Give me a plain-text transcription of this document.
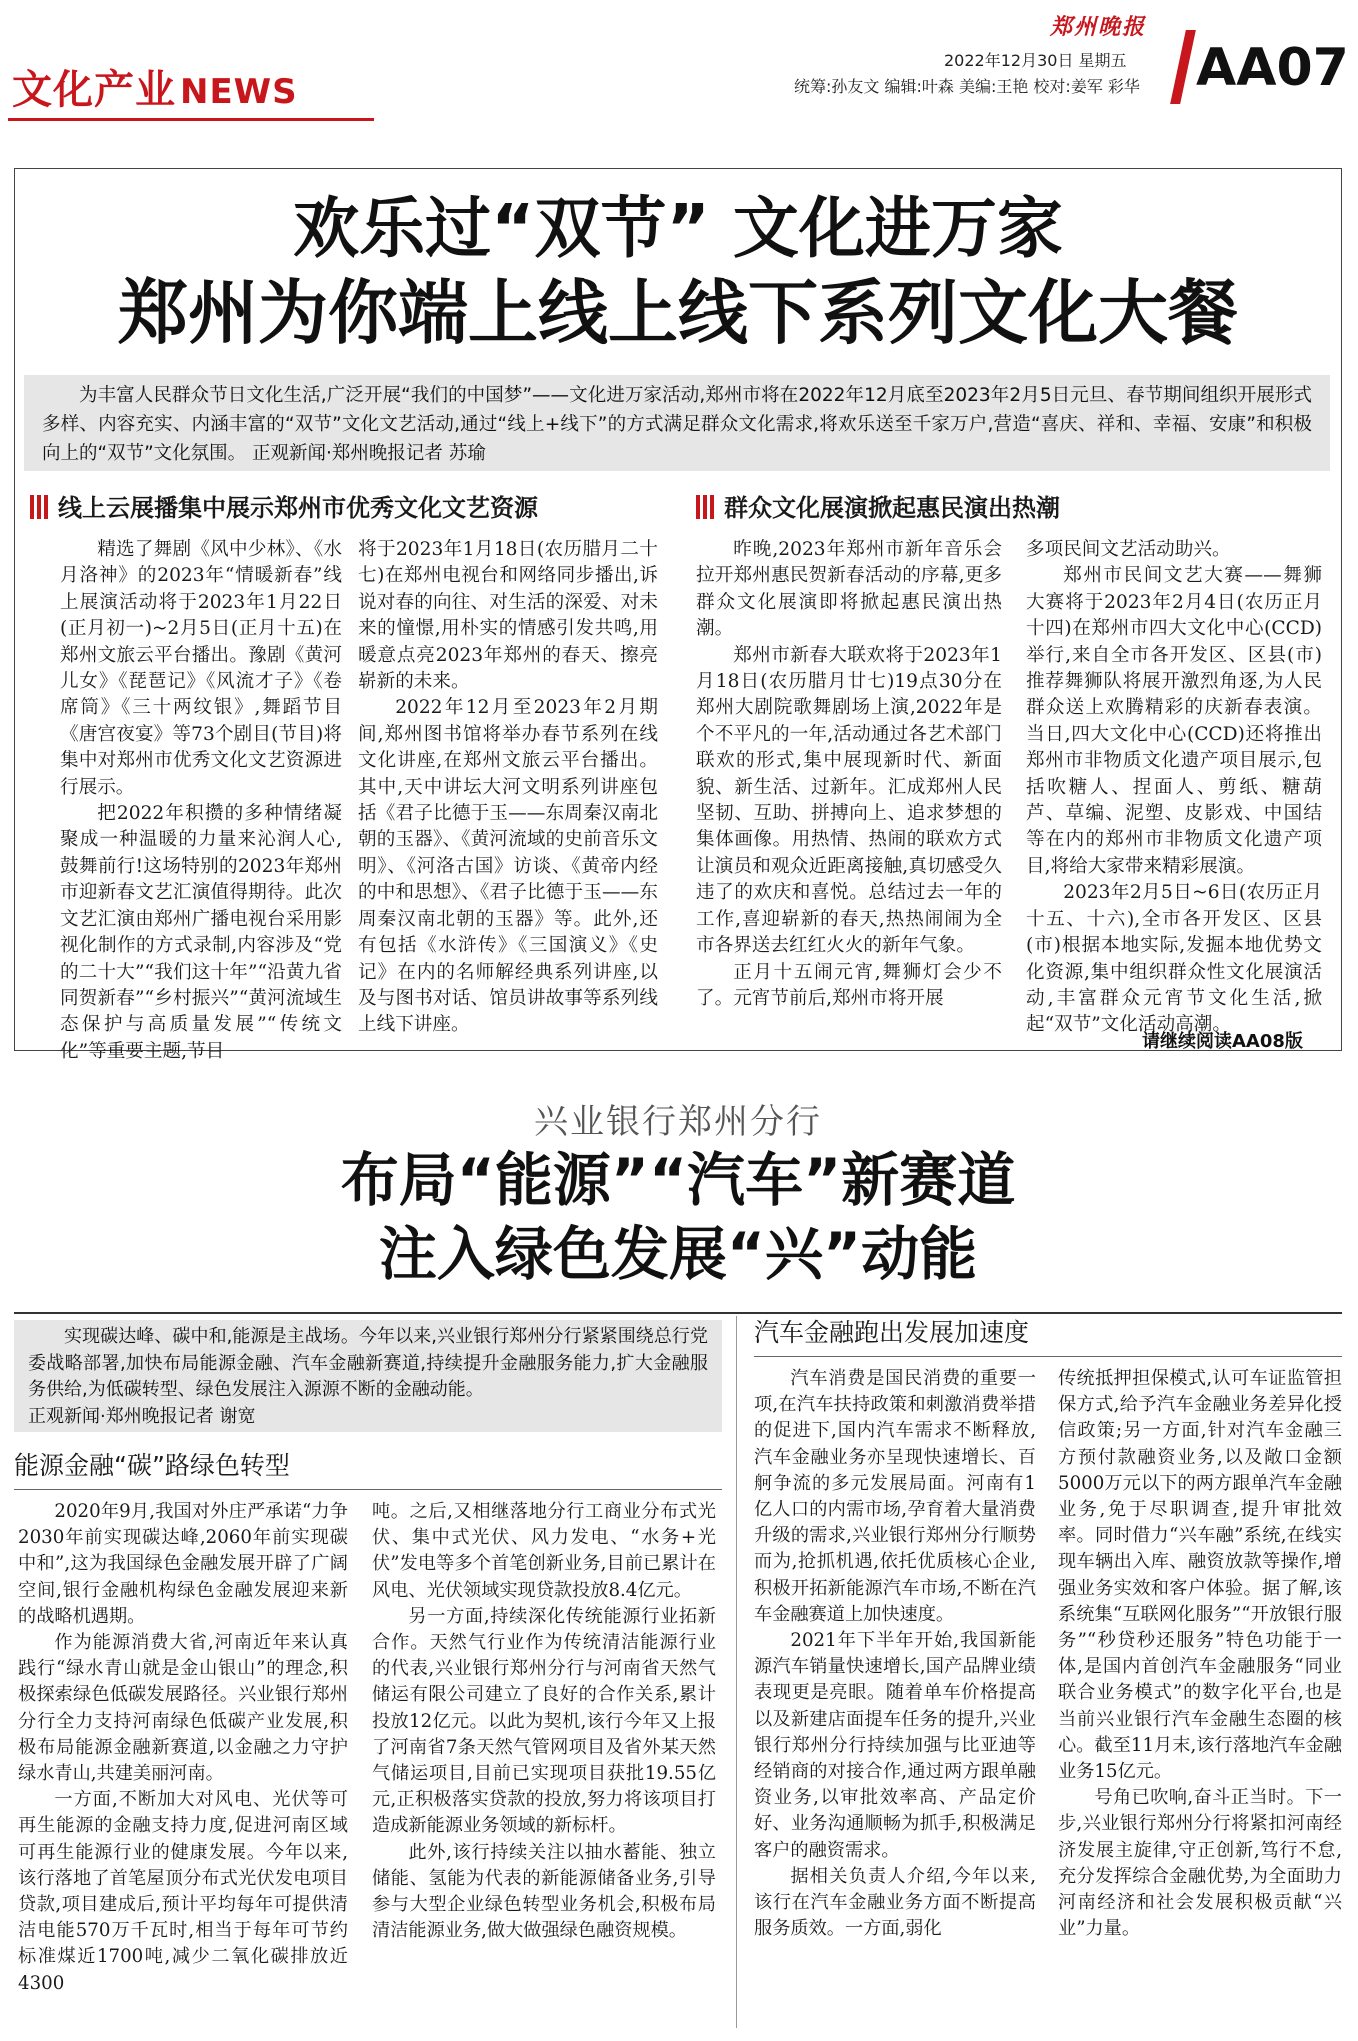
文化产业 NEWS
郑州晚报
2022年12月30日 星期五
统筹:孙友文 编辑:叶森 美编:王艳 校对:姜军 彩华 AA07
欢乐过“双节” 文化进万家
郑州为你端上线上线下系列文化大餐

为丰富人民群众节日文化生活,广泛开展“我们的中国梦”——文化进万家活动,郑州市将在2022年12月底至2023年2月5日元旦、春节期间组织开展形式多样、内容充实、内涵丰富的“双节”文化文艺活动,通过“线上+线下”的方式满足群众文化需求,将欢乐送至千家万户,营造“喜庆、祥和、幸福、安康”和积极向上的“双节”文化氛围。 正观新闻·郑州晚报记者 苏瑜

线上云展播集中展示郑州市优秀文化文艺资源	群众文化展演掀起惠民演出热潮

精选了舞剧《风中少林》、《水月洛神》的2023年“情暖新春”线上展演活动将于2023年1月22日(正月初一)~2月5日(正月十五)在郑州文旅云平台播出。豫剧《黄河儿女》《琵琶记》《风流才子》《卷席筒》《三十两纹银》,舞蹈节目《唐宫夜宴》等73个剧目(节目)将集中对郑州市优秀文化文艺资源进行展示。

把2022年积攒的多种情绪凝聚成一种温暖的力量来沁润人心,鼓舞前行!这场特别的2023年郑州市迎新春文艺汇演值得期待。此次文艺汇演由郑州广播电视台采用影视化制作的方式录制,内容涉及“党的二十大”“我们这十年”“沿黄九省同贺新春”“乡村振兴”“黄河流域生态保护与高质量发展”“传统文化”等重要主题,节目

将于2023年1月18日(农历腊月二十七)在郑州电视台和网络同步播出,诉说对春的向往、对生活的深爱、对未来的憧憬,用朴实的情感引发共鸣,用暖意点亮2023年郑州的春天、擦亮崭新的未来。

2022年12月至2023年2月期间,郑州图书馆将举办春节系列在线文化讲座,在郑州文旅云平台播出。其中,天中讲坛大河文明系列讲座包括《君子比德于玉——东周秦汉南北朝的玉器》、《黄河流域的史前音乐文明》、《河洛古国》访谈、《黄帝内经的中和思想》、《君子比德于玉——东周秦汉南北朝的玉器》等。此外,还有包括《水浒传》《三国演义》《史记》在内的名师解经典系列讲座,以及与图书对话、馆员讲故事等系列线上线下讲座。

昨晚,2023年郑州市新年音乐会拉开郑州惠民贺新春活动的序幕,更多群众文化展演即将掀起惠民演出热潮。

郑州市新春大联欢将于2023年1月18日(农历腊月廿七)19点30分在郑州大剧院歌舞剧场上演,2022年是个不平凡的一年,活动通过各艺术部门联欢的形式,集中展现新时代、新面貌、新生活、过新年。汇成郑州人民坚韧、互助、拼搏向上、追求梦想的集体画像。用热情、热闹的联欢方式让演员和观众近距离接触,真切感受久违了的欢庆和喜悦。总结过去一年的工作,喜迎崭新的春天,热热闹闹为全市各界送去红红火火的新年气象。

正月十五闹元宵,舞狮灯会少不了。元宵节前后,郑州市将开展

多项民间文艺活动助兴。

郑州市民间文艺大赛——舞狮大赛将于2023年2月4日(农历正月十四)在郑州市四大文化中心(CCD)举行,来自全市各开发区、区县(市)推荐舞狮队将展开激烈角逐,为人民群众送上欢腾精彩的庆新春表演。当日,四大文化中心(CCD)还将推出郑州市非物质文化遗产项目展示,包括吹糖人、捏面人、剪纸、糖葫芦、草编、泥塑、皮影戏、中国结等在内的郑州市非物质文化遗产项目,将给大家带来精彩展演。

2023年2月5日~6日(农历正月十五、十六),全市各开发区、区县(市)根据本地实际,发掘本地优势文化资源,集中组织群众性文化展演活动,丰富群众元宵节文化生活,掀起“双节”文化活动高潮。

请继续阅读AA08版
兴业银行郑州分行
布局“能源”“汽车”新赛道
注入绿色发展“兴”动能

实现碳达峰、碳中和,能源是主战场。今年以来,兴业银行郑州分行紧紧围绕总行党委战略部署,加快布局能源金融、汽车金融新赛道,持续提升金融服务能力,扩大金融服务供给,为低碳转型、绿色发展注入源源不断的金融动能。
正观新闻·郑州晚报记者 谢宽

能源金融“碳”路绿色转型
汽车金融跑出发展加速度

2020年9月,我国对外庄严承诺“力争2030年前实现碳达峰,2060年前实现碳中和”,这为我国绿色金融发展开辟了广阔空间,银行金融机构绿色金融发展迎来新的战略机遇期。

作为能源消费大省,河南近年来认真践行“绿水青山就是金山银山”的理念,积极探索绿色低碳发展路径。兴业银行郑州分行全力支持河南绿色低碳产业发展,积极布局能源金融新赛道,以金融之力守护绿水青山,共建美丽河南。

一方面,不断加大对风电、光伏等可再生能源的金融支持力度,促进河南区域可再生能源行业的健康发展。今年以来,该行落地了首笔屋顶分布式光伏发电项目贷款,项目建成后,预计平均每年可提供清洁电能570万千瓦时,相当于每年可节约标准煤近1700吨,减少二氧化碳排放近4300

吨。之后,又相继落地分行工商业分布式光伏、集中式光伏、风力发电、“水务+光伏”发电等多个首笔创新业务,目前已累计在风电、光伏领域实现贷款投放8.4亿元。

另一方面,持续深化传统能源行业拓新合作。天然气行业作为传统清洁能源行业的代表,兴业银行郑州分行与河南省天然气储运有限公司建立了良好的合作关系,累计投放12亿元。以此为契机,该行今年又上报了河南省7条天然气管网项目及省外某天然气储运项目,目前已实现项目获批19.55亿元,正积极落实贷款的投放,努力将该项目打造成新能源业务领域的新标杆。

此外,该行持续关注以抽水蓄能、独立储能、氢能为代表的新能源储备业务,引导参与大型企业绿色转型业务机会,积极布局清洁能源业务,做大做强绿色融资规模。

汽车消费是国民消费的重要一项,在汽车扶持政策和刺激消费举措的促进下,国内汽车需求不断释放,汽车金融业务亦呈现快速增长、百舸争流的多元发展局面。河南有1亿人口的内需市场,孕育着大量消费升级的需求,兴业银行郑州分行顺势而为,抢抓机遇,依托优质核心企业,积极开拓新能源汽车市场,不断在汽车金融赛道上加快速度。

2021年下半年开始,我国新能源汽车销量快速增长,国产品牌业绩表现更是亮眼。随着单车价格提高以及新建店面提车任务的提升,兴业银行郑州分行持续加强与比亚迪等经销商的对接合作,通过两方跟单融资业务,以审批效率高、产品定价好、业务沟通顺畅为抓手,积极满足客户的融资需求。

据相关负责人介绍,今年以来,该行在汽车金融业务方面不断提高服务质效。一方面,弱化

传统抵押担保模式,认可车证监管担保方式,给予汽车金融业务差异化授信政策;另一方面,针对汽车金融三方预付款融资业务,以及敞口金额5000万元以下的两方跟单汽车金融业务,免于尽职调查,提升审批效率。同时借力“兴车融”系统,在线实现车辆出入库、融资放款等操作,增强业务实效和客户体验。据了解,该系统集“互联网化服务”“开放银行服务”“秒贷秒还服务”特色功能于一体,是国内首创汽车金融服务“同业联合业务模式”的数字化平台,也是当前兴业银行汽车金融生态圈的核心。截至11月末,该行落地汽车金融业务15亿元。

号角已吹响,奋斗正当时。下一步,兴业银行郑州分行将紧扣河南经济发展主旋律,守正创新,笃行不怠,充分发挥综合金融优势,为全面助力河南经济和社会发展积极贡献“兴业”力量。
